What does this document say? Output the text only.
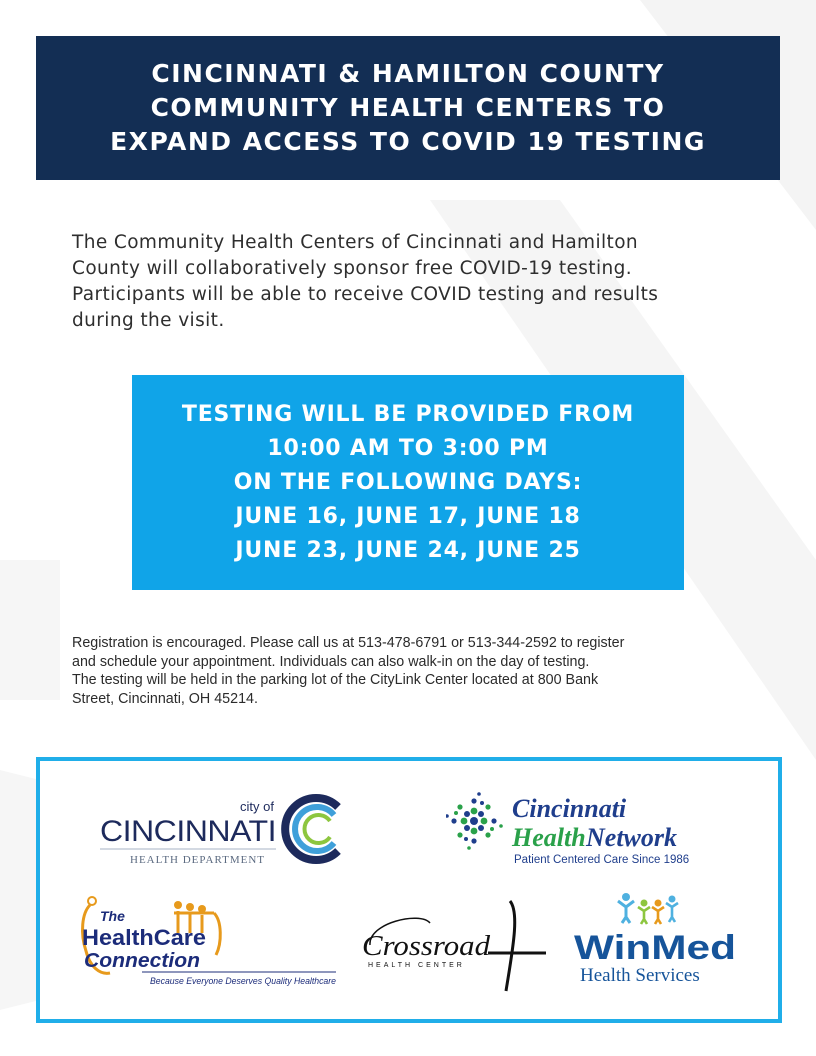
CINCINNATI & HAMILTON COUNTY
COMMUNITY HEALTH CENTERS TO
EXPAND ACCESS TO COVID 19 TESTING

The Community Health Centers of Cincinnati and Hamilton
County will collaboratively sponsor free COVID-19 testing.
Participants will be able to receive COVID testing and results
during the visit.

TESTING WILL BE PROVIDED FROM
10:00 AM TO 3:00 PM
ON THE FOLLOWING DAYS:
JUNE 16, JUNE 17, JUNE 18
JUNE 23, JUNE 24, JUNE 25

Registration is encouraged. Please call us at 513-478-6791 or 513-344-2592 to register
and schedule your appointment. Individuals can also walk-in on the day of testing.
The testing will be held in the parking lot of the CityLink Center located at 800 Bank
Street, Cincinnati, OH 45214.

city of
CINCINNATI
HEALTH DEPARTMENT
Cincinnati
Health Network
Patient Centered Care Since 1986
The
HealthCare
Connection
Because Everyone Deserves Quality Healthcare
Crossroad
HEALTH CENTER	WinMed
Health Services
